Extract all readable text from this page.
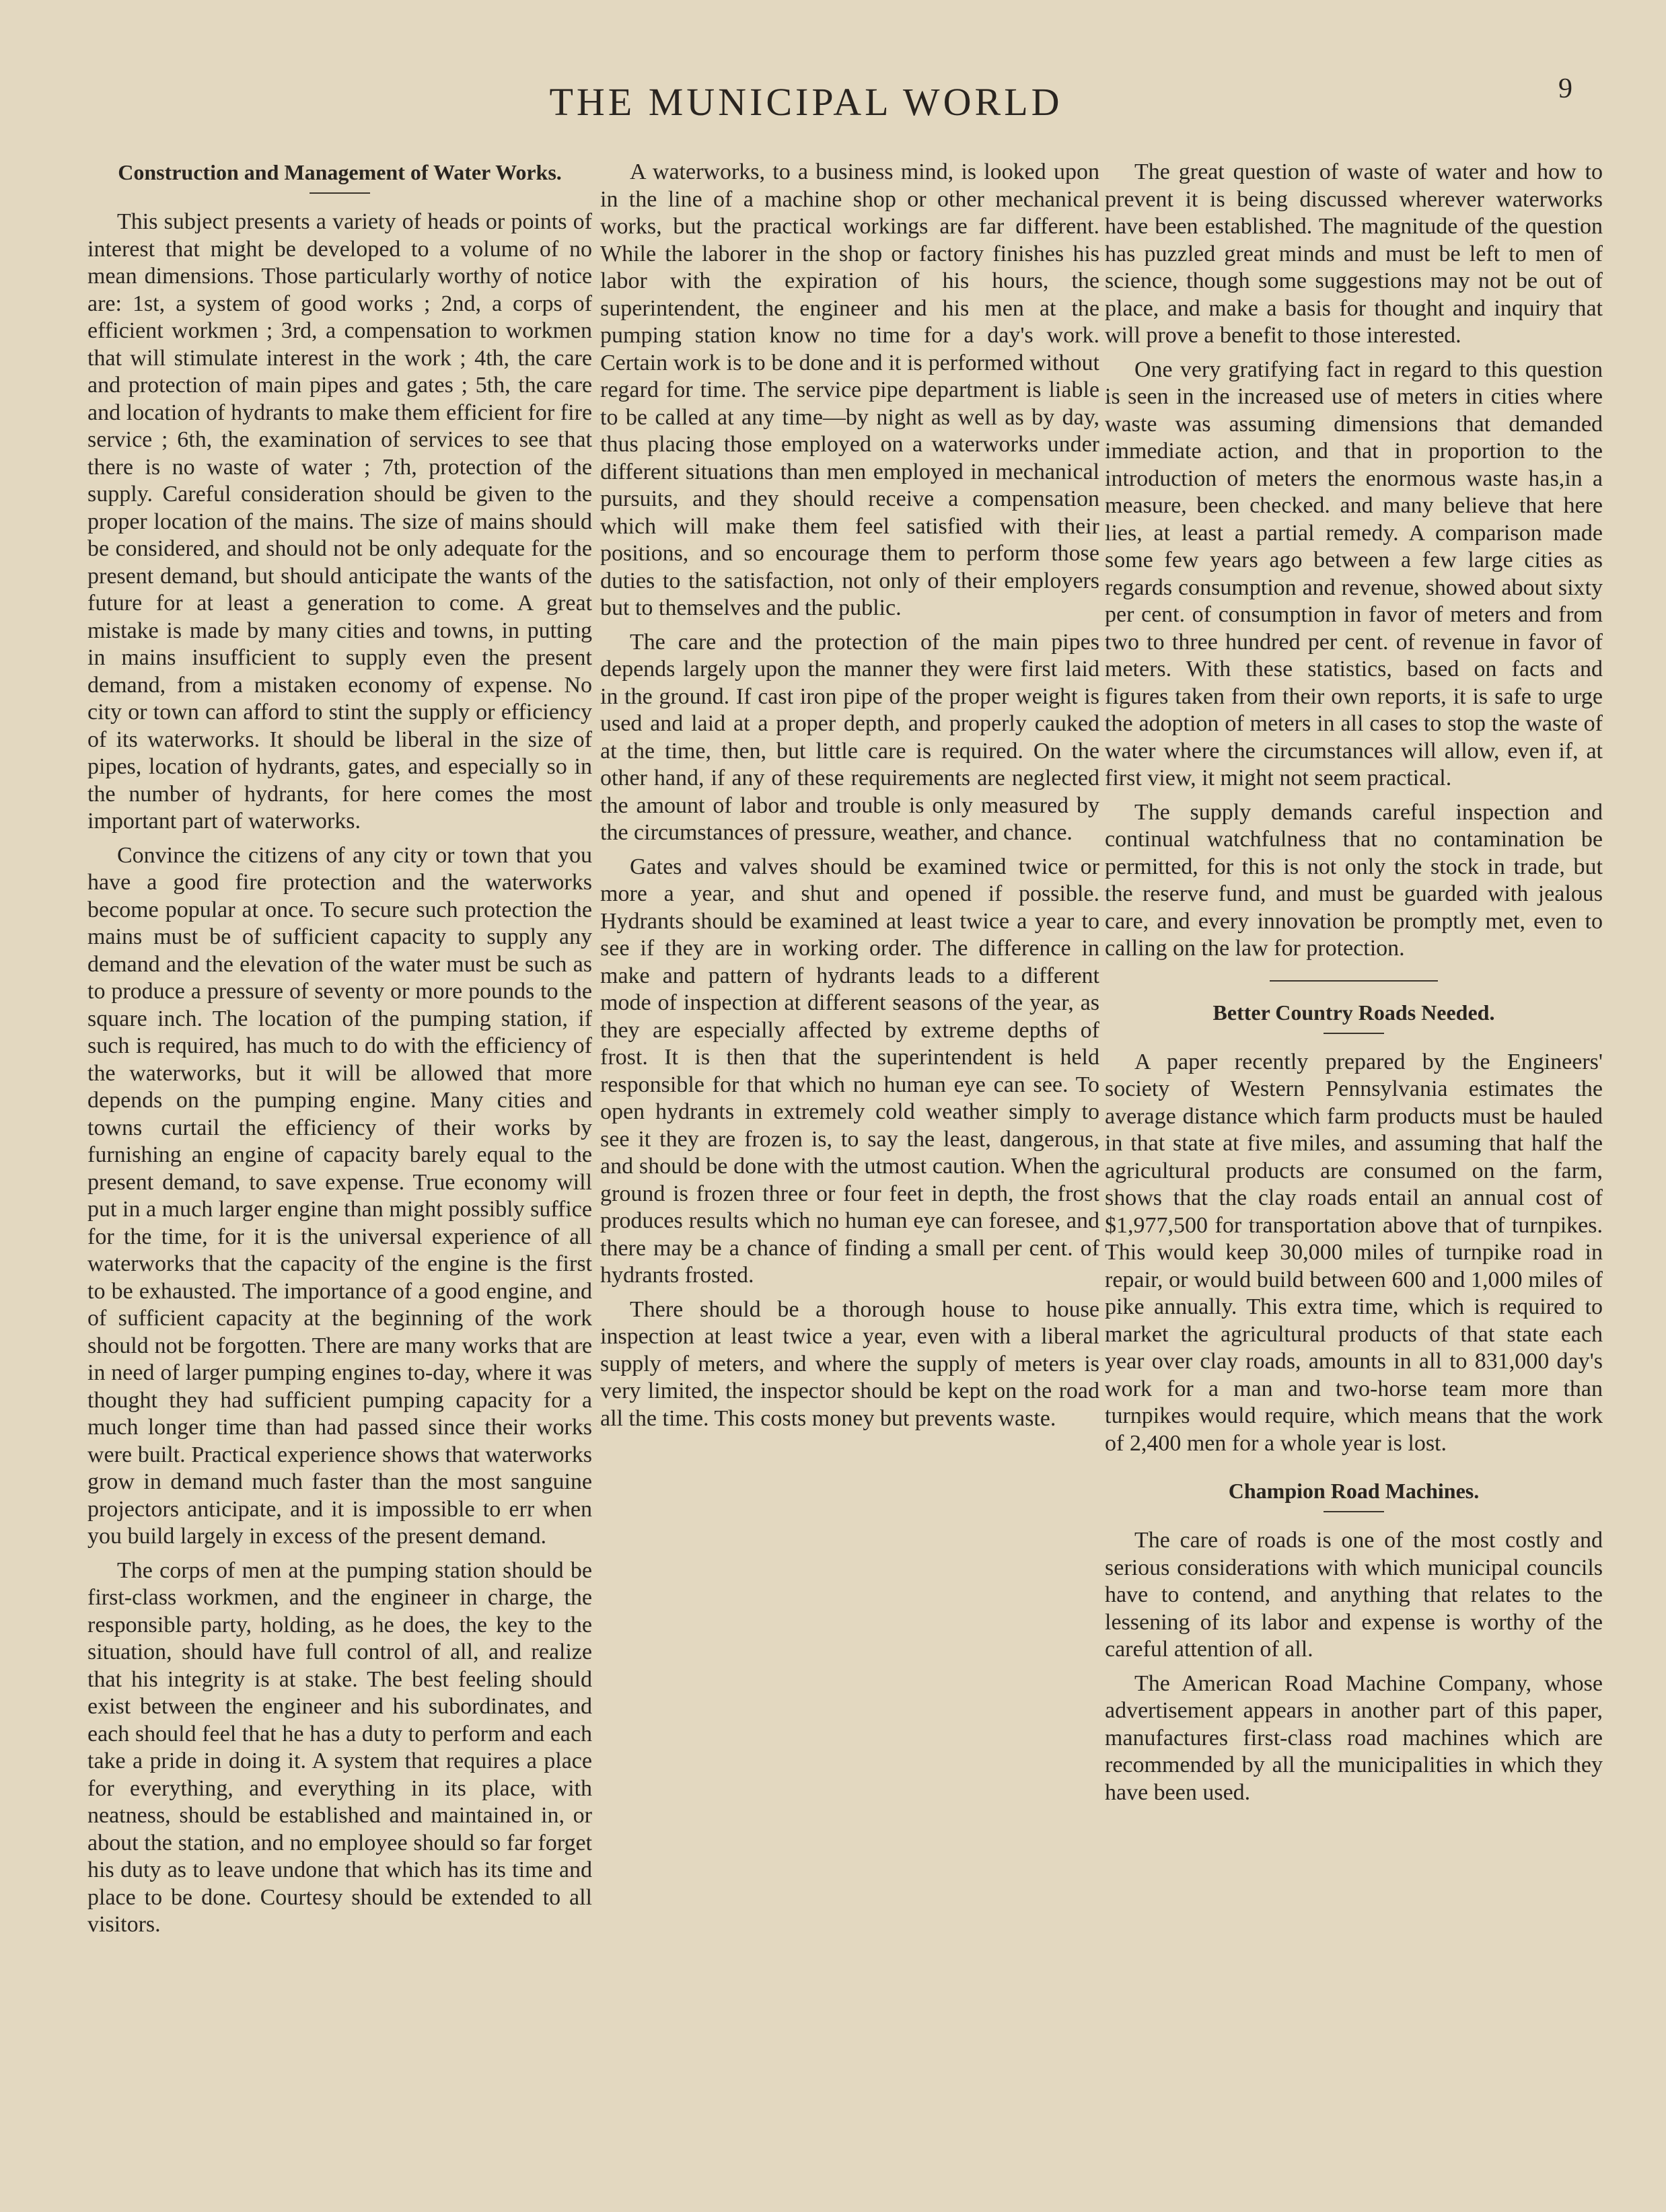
THE MUNICIPAL WORLD	9
Construction and Management of Water Works.

This subject presents a variety of heads or points of interest that might be developed to a volume of no mean dimensions. Those particularly worthy of notice are: 1st, a system of good works ; 2nd, a corps of efficient workmen ; 3rd, a compensation to workmen that will stimulate interest in the work ; 4th, the care and protection of main pipes and gates ; 5th, the care and location of hydrants to make them efficient for fire service ; 6th, the examination of services to see that there is no waste of water ; 7th, protection of the supply. Careful consideration should be given to the proper location of the mains. The size of mains should be considered, and should not be only adequate for the present demand, but should anticipate the wants of the future for at least a generation to come. A great mistake is made by many cities and towns, in putting in mains insufficient to supply even the present demand, from a mistaken economy of expense. No city or town can afford to stint the supply or efficiency of its waterworks. It should be liberal in the size of pipes, location of hydrants, gates, and especially so in the number of hydrants, for here comes the most important part of waterworks.

Convince the citizens of any city or town that you have a good fire protection and the waterworks become popular at once. To secure such protection the mains must be of sufficient capacity to supply any demand and the elevation of the water must be such as to produce a pressure of seventy or more pounds to the square inch. The location of the pumping station, if such is required, has much to do with the efficiency of the waterworks, but it will be allowed that more depends on the pumping engine. Many cities and towns curtail the efficiency of their works by furnishing an engine of capacity barely equal to the present demand, to save expense. True economy will put in a much larger engine than might possibly suffice for the time, for it is the universal experience of all waterworks that the capacity of the engine is the first to be exhausted. The importance of a good engine, and of sufficient capacity at the beginning of the work should not be forgotten. There are many works that are in need of larger pumping engines to-day, where it was thought they had sufficient pumping capacity for a much longer time than had passed since their works were built. Practical experience shows that waterworks grow in demand much faster than the most sanguine projectors anticipate, and it is impossible to err when you build largely in excess of the present demand.

The corps of men at the pumping station should be first-class workmen, and the engineer in charge, the responsible party, holding, as he does, the key to the situation, should have full control of all, and realize that his integrity is at stake. The best feeling should exist between the engineer and his subordinates, and each should feel that he has a duty to perform and each take a pride in doing it. A system that requires a place for everything, and everything in its place, with neatness, should be established and maintained in, or about the station, and no employee should so far forget his duty as to leave undone that which has its time and place to be done. Courtesy should be extended to all visitors.

A waterworks, to a business mind, is looked upon in the line of a machine shop or other mechanical works, but the practical workings are far different. While the laborer in the shop or factory finishes his labor with the expiration of his hours, the superintendent, the engineer and his men at the pumping station know no time for a day's work. Certain work is to be done and it is performed without regard for time. The service pipe department is liable to be called at any time—by night as well as by day, thus placing those employed on a waterworks under different situations than men employed in mechanical pursuits, and they should receive a compensation which will make them feel satisfied with their positions, and so encourage them to perform those duties to the satisfaction, not only of their employers but to themselves and the public.

The care and the protection of the main pipes depends largely upon the manner they were first laid in the ground. If cast iron pipe of the proper weight is used and laid at a proper depth, and properly cauked at the time, then, but little care is required. On the other hand, if any of these requirements are neglected the amount of labor and trouble is only measured by the circumstances of pressure, weather, and chance.

Gates and valves should be examined twice or more a year, and shut and opened if possible. Hydrants should be examined at least twice a year to see if they are in working order. The difference in make and pattern of hydrants leads to a different mode of inspection at different seasons of the year, as they are especially affected by extreme depths of frost. It is then that the superintendent is held responsible for that which no human eye can see. To open hydrants in extremely cold weather simply to see it they are frozen is, to say the least, dangerous, and should be done with the utmost caution. When the ground is frozen three or four feet in depth, the frost produces results which no human eye can foresee, and there may be a chance of finding a small per cent. of hydrants frosted.

There should be a thorough house to house inspection at least twice a year, even with a liberal supply of meters, and where the supply of meters is very limited, the inspector should be kept on the road all the time. This costs money but prevents waste.

The great question of waste of water and how to prevent it is being discussed wherever waterworks have been established. The magnitude of the question has puzzled great minds and must be left to men of science, though some suggestions may not be out of place, and make a basis for thought and inquiry that will prove a benefit to those interested.

One very gratifying fact in regard to this question is seen in the increased use of meters in cities where waste was assuming dimensions that demanded immediate action, and that in proportion to the introduction of meters the enormous waste has,in a measure, been checked. and many believe that here lies, at least a partial remedy. A comparison made some few years ago between a few large cities as regards consumption and revenue, showed about sixty per cent. of consumption in favor of meters and from two to three hundred per cent. of revenue in favor of meters. With these statistics, based on facts and figures taken from their own reports, it is safe to urge the adoption of meters in all cases to stop the waste of water where the circumstances will allow, even if, at first view, it might not seem practical.

The supply demands careful inspection and continual watchfulness that no contamination be permitted, for this is not only the stock in trade, but the reserve fund, and must be guarded with jealous care, and every innovation be promptly met, even to calling on the law for protection.

Better Country Roads Needed.

A paper recently prepared by the Engineers' society of Western Pennsylvania estimates the average distance which farm products must be hauled in that state at five miles, and assuming that half the agricultural products are consumed on the farm, shows that the clay roads entail an annual cost of $1,977,500 for transportation above that of turnpikes. This would keep 30,000 miles of turnpike road in repair, or would build between 600 and 1,000 miles of pike annually. This extra time, which is required to market the agricultural products of that state each year over clay roads, amounts in all to 831,000 day's work for a man and two-horse team more than turnpikes would require, which means that the work of 2,400 men for a whole year is lost.

Champion Road Machines.

The care of roads is one of the most costly and serious considerations with which municipal councils have to contend, and anything that relates to the lessening of its labor and expense is worthy of the careful attention of all.

The American Road Machine Company, whose advertisement appears in another part of this paper, manufactures first-class road machines which are recommended by all the municipalities in which they have been used.
